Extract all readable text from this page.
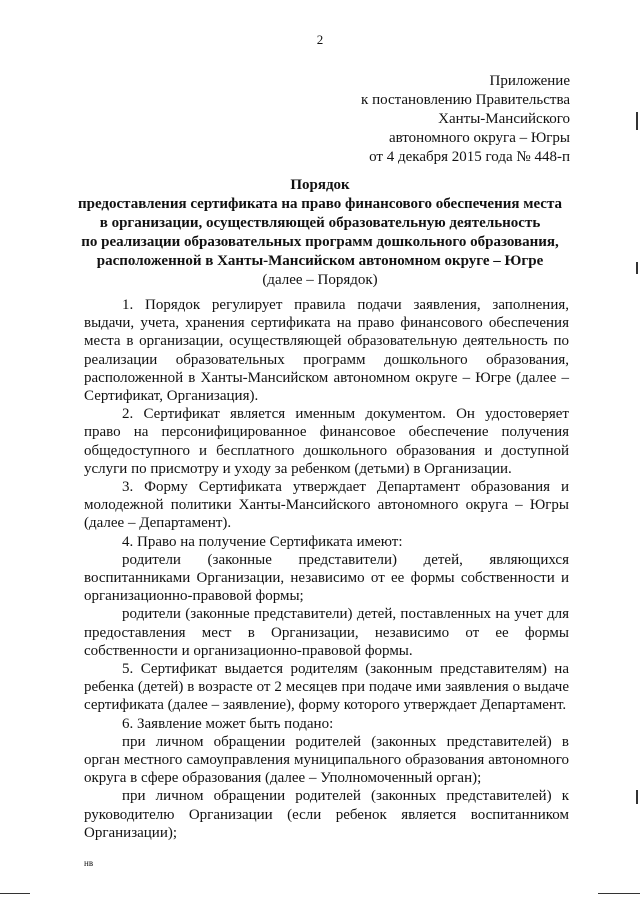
2
Приложение
к постановлению Правительства
Ханты-Мансийского
автономного округа – Югры
от 4 декабря 2015 года № 448-п
Порядок
предоставления сертификата на право финансового обеспечения места
в организации, осуществляющей образовательную деятельность
по реализации образовательных программ дошкольного образования,
расположенной в Ханты-Мансийском автономном округе – Югре
(далее – Порядок)

1. Порядок регулирует правила подачи заявления, заполнения, выдачи, учета, хранения сертификата на право финансового обеспечения места в организации, осуществляющей образовательную деятельность по реализации образовательных программ дошкольного образования, расположенной в Ханты-Мансийском автономном округе – Югре (далее – Сертификат, Организация).

2. Сертификат является именным документом. Он удостоверяет право на персонифицированное финансовое обеспечение получения общедоступного и бесплатного дошкольного образования и доступной услуги по присмотру и уходу за ребенком (детьми) в Организации.

3. Форму Сертификата утверждает Департамент образования и молодежной политики Ханты-Мансийского автономного округа – Югры (далее – Департамент).

4. Право на получение Сертификата имеют:

родители (законные представители) детей, являющихся воспитанниками Организации, независимо от ее формы собственности и организационно-правовой формы;

родители (законные представители) детей, поставленных на учет для предоставления мест в Организации, независимо от ее формы собственности и организационно-правовой формы.

5. Сертификат выдается родителям (законным представителям) на ребенка (детей) в возрасте от 2 месяцев при подаче ими заявления о выдаче сертификата (далее – заявление), форму которого утверждает Департамент.

6. Заявление может быть подано:

при личном обращении родителей (законных представителей) в орган местного самоуправления муниципального образования автономного округа в сфере образования (далее – Уполномоченный орган);

при личном обращении родителей (законных представителей) к руководителю Организации (если ребенок является воспитанником Организации);

нв
